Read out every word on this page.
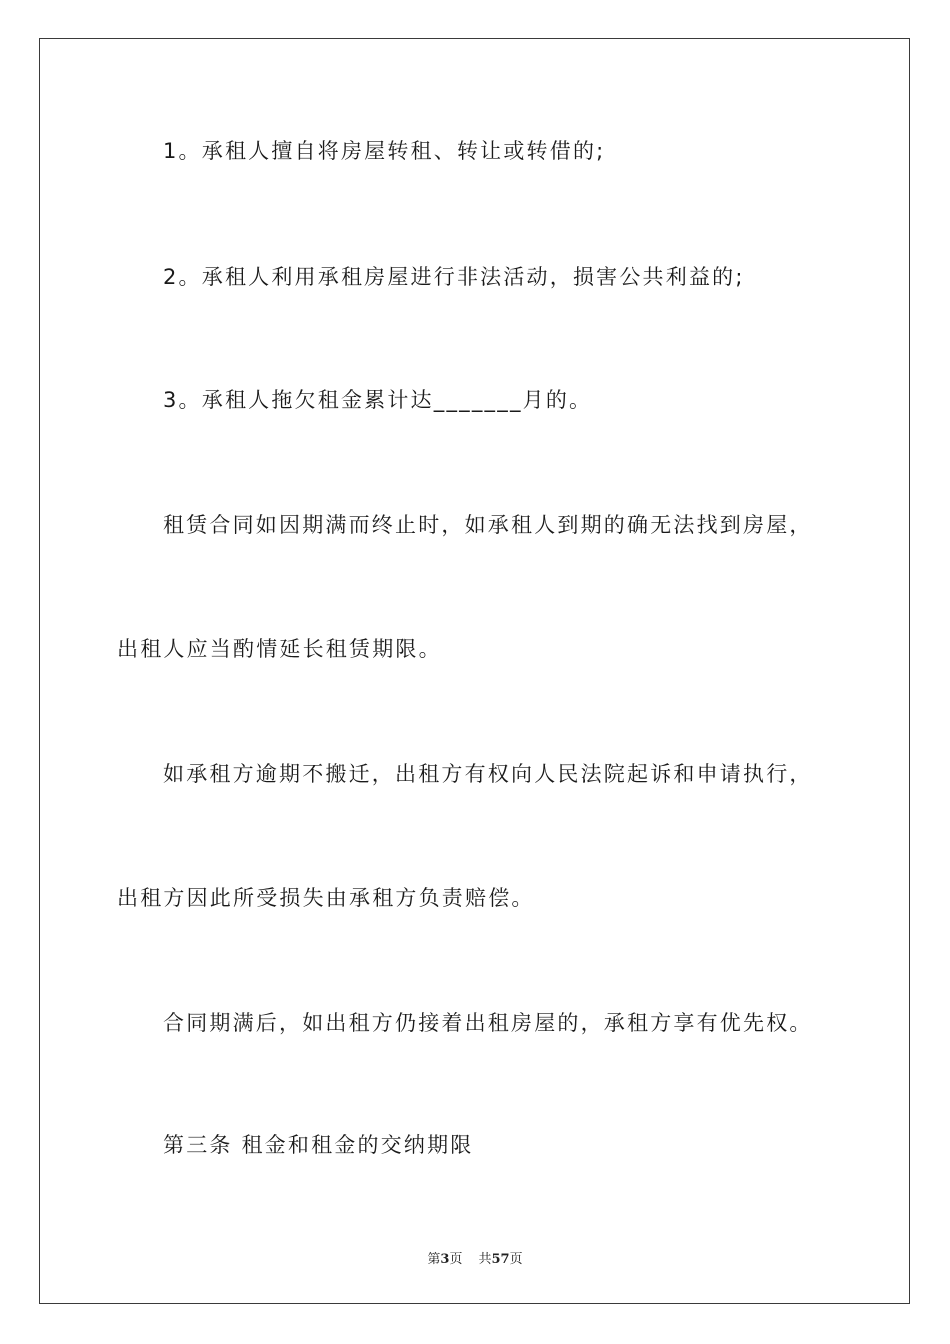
1。承租人擅自将房屋转租、转让或转借的;
2。承租人利用承租房屋进行非法活动，损害公共利益的;
3。承租人拖欠租金累计达_______月的。
租赁合同如因期满而终止时，如承租人到期的确无法找到房屋，
出租人应当酌情延长租赁期限。
如承租方逾期不搬迁，出租方有权向人民法院起诉和申请执行，
出租方因此所受损失由承租方负责赔偿。
合同期满后，如出租方仍接着出租房屋的，承租方享有优先权。
第三条 租金和租金的交纳期限
第3页 共57页
